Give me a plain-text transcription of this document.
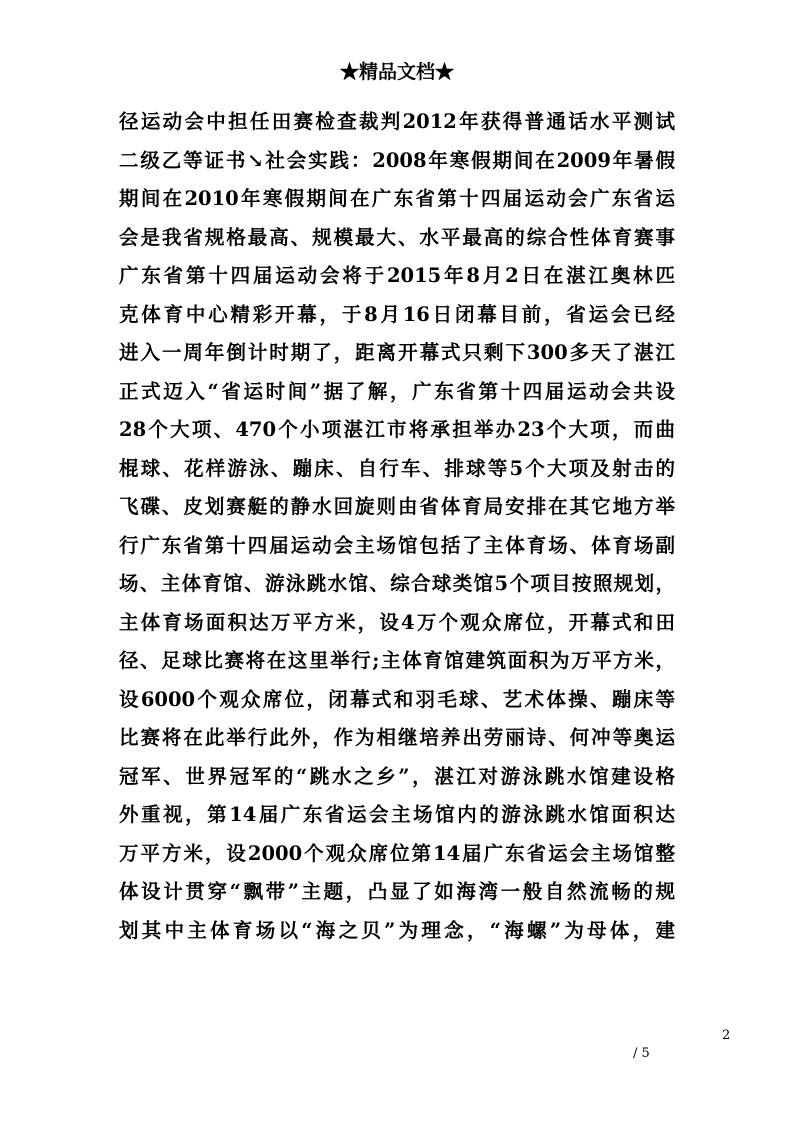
★精品文档★
径运动会中担任田赛检查裁判2012年获得普通话水平测试
二级乙等证书↘社会实践：2008年寒假期间在2009年暑假
期间在2010年寒假期间在广东省第十四届运动会广东省运
会是我省规格最高、规模最大、水平最高的综合性体育赛事
广东省第十四届运动会将于2015年8月2日在湛江奥林匹
克体育中心精彩开幕，于8月16日闭幕目前，省运会已经
进入一周年倒计时期了，距离开幕式只剩下300多天了湛江
正式迈入“省运时间”据了解，广东省第十四届运动会共设
28个大项、470个小项湛江市将承担举办23个大项，而曲
棍球、花样游泳、蹦床、自行车、排球等5个大项及射击的
飞碟、皮划赛艇的静水回旋则由省体育局安排在其它地方举
行广东省第十四届运动会主场馆包括了主体育场、体育场副
场、主体育馆、游泳跳水馆、综合球类馆5个项目按照规划，
主体育场面积达万平方米，设4万个观众席位，开幕式和田
径、足球比赛将在这里举行;主体育馆建筑面积为万平方米，
设6000个观众席位，闭幕式和羽毛球、艺术体操、蹦床等
比赛将在此举行此外，作为相继培养出劳丽诗、何冲等奥运
冠军、世界冠军的“跳水之乡”，湛江对游泳跳水馆建设格
外重视，第14届广东省运会主场馆内的游泳跳水馆面积达
万平方米，设2000个观众席位第14届广东省运会主场馆整
体设计贯穿“飘带”主题，凸显了如海湾一般自然流畅的规
划其中主体育场以“海之贝”为理念，“海螺”为母体，建
2
/ 5
